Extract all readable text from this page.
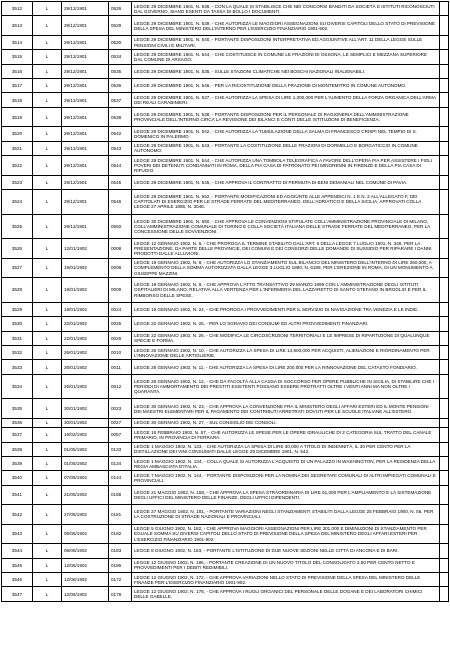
3512	L	29/12/1901	0526	LEGGE 29 DICEMBRE 1901, N. 536, - CON LA QUALE SI STABILISCE CHE NEI CONCORSI BANDITI DA SOCIETÀ E ISTITUTI RICONOSCIUTI DAL GOVERNO, SIANO ESENTI DA TASSA DI BOLLO I DOCUMENTI.	
3513	L	29/12/1901	0529	LEGGE 29 DICEMBRE 1901, N. 539, - CHE AUTORIZZA LE MAGGIORI ASSEGNAZIONI SU DIVERSI CAPITOLI DELLO STATO DI PREVISIONE DELLA SPESA DEL MINISTERO DELL'INTERNO PER L'ESERCIZIO FINANZIARIO 1901-902.	
3514	L	29/12/1901	0530	LEGGE 29 DICEMBRE 1901, N. 540, - PORTANTE DISPOSIZIONI INTERPRETATIVA ED AGGIUNTIVE ALL'ART. 11 DELLA LEGGE SULLE PENSIONI CIVILI E MILITARI.	
3515	L	29/12/1901	0534	LEGGE 29 DICEMBRE 1901, N. 544, - CHE COSTITUISCE IN COMUNE LE FRAZIONI DI OSSONA, LE SEMPLICI E MEZZANA SUPERIORE DAL COMUNE DI ARSAGO.	
3516	L	29/12/1901	0535	LEGGE 29 DICEMBRE 1901, N. 535, - SULLE STAZIONI CLIMATICHE NEI BOSCHI NAZIONALI INALIENABILI.	
3517	L	29/12/1901	0536	LEGGE 29 DICEMBRE 1901, N. 546, - PER LA RICOSTITUZIONE DELLA FRAZIONE DI MONTEMITRO IN COMUNE AUTONOMO.	
3518	L	29/12/1901	0537	LEGGE 29 DICEMBRE 1901, N. 537, - CHE AUTORIZZA LA SPESA DI LIRE 1,300,000 PER L'AUMENTO DELLA FORZA ORGANICA DELL'ARMA DEI REALI CARABINIERI.	
3519	L	29/12/1901	0538	LEGGE 29 DICEMBRE 1901, N. 538, - PORTANTE DISPOSIZIONI PER IL PERSONALE DI RAGIONERIA DELL'AMMINISTRAZIONE PROVINCIALE DELL'INTERNO CIRCA LA REVISIONE DEI BILANCI E CONTI DELLE ISTITUZIONI DI BENEFICENZA.	
3520	L	29/12/1901	0542	LEGGE 29 DICEMBRE 1901, N. 542, - CHE AUTORIZZA LA TUMULAZIONE DELLA SALMA DI FRANCESCO CRISPI NEL TEMPIO DI S. DOMENICO IN PALERMO.	
3521	L	29/12/1901	0543	LEGGE 29 DICEMBRE 1901, N. 543, - PORTANTE LA COSTITUZIONE DELLE FRAZIONI DI DORMELLO E BORGATICCIO IN COMUNE AUTONOMO.	
3522	L	29/12/1901	0544	LEGGE 29 DICEMBRE 1901, N. 544, - CHE AUTORIZZA UNA TOMBOLA TELEGRAFICA A FAVORE DELL'OPERA PIA PER ASSISTERE I FIGLI POVERI DEI DETENUTI CONDANNATI IN ROMA, DELLA PIA CASA DI PATRONATO PEI MINORENNI IN FIRENZE E DELLA PIA CASA DI RIFUGIO.	
3523	L	29/12/1901	0545	LEGGE 29 DICEMBRE 1901, N. 545, - CHE APPROVA IL CONTRATTO DI PERMUTA DI BENI DEMANIALI NEL COMUNE DI PAVIA.	
3524	L	29/12/1901	0546	LEGGE 29 DICEMBRE 1901, N. 552, - PORTANTE MODIFICAZIONI ED AGGIUNTE ALLE APPENDICI N. 1 E N. 2 ALL'ALLEGATO F, DEI CAPITOLATI DI ESERCIZIO PER LE STRADE FERRATE DEL MEDITERRANEO, DELL'ADRIATICO E DELLA SICILIA, APPROVATI COLLA LEGGE 27 APRILE 1885, N. 3048.	
3525	L	29/12/1901	0550	LEGGE 30 DICEMBRE 1901, N. 550, - CHE APPROVA LE CONVENZIONI STIPULATE COLL'AMMINISTRAZIONE PROVINCIALE DI MILANO, COLL'AMMINISTRAZIONE COMUNALE DI TORINO E COLLA SOCIETÀ ITALIANA DELLE STRADE FERRATE DEL MEDITERRANEO, PER LA CONCESSIONE DELLE SOVVENZIONI.	
3526	L	12/01/1902	0008	LEGGE 12 GENNAIO 1902, N. 8, - CHE PROROGA IL TERMINE STABILITO DALL'ART. 6 DELLA LEGGE 7 LUGLIO 1901, N. 348, PER LA PRESENTAZIONE, DA PARTE DELLE PROVINCIE, DEI COMUNI E DEI CONSORZI DELLE DOMANDE DI SUSSIDIO PER RIPARARE I DANNI PRODOTTI DALLE ALLUVIONI.	
3527	L	19/01/1902	0008	LEGGE 19 GENNAIO 1902, N. 8, - CHE AUTORIZZA LO STANZIAMENTO SUL BILANCIO DEL MINISTERO DELL'INTERNO DI LIRE 250,000, A COMPLEMENTO DELLA SOMMA AUTORIZZATA DALLA LEGGE 3 LUGLIO 1890, N. 6189, PER L'EREZIONE IN ROMA, DI UN MONUMENTO A GIUSEPPE MAZZINI.	
3528	L	19/01/1902	0009	LEGGE 19 GENNAIO 1902, N. 9, - CHE APPROVA L'ATTO TRANSATTIVO 29 MARZO 1899 CON L'AMMINISTRAZIONE DEGLI ISTITUTI OSPITALIERI DI MILANO, RELATIVA ALLA VERTENZA PER L'INFERMERIA DEL LAZZARETTO DI SANTO STEFANO IN BROGLIO E PER IL RIMBORSO DELLE SPESE.	
3529	L	19/01/1902	0024	LEGGE 19 GENNAIO 1902, N. 24, - CHE PROROGA I PROVVEDIMENTI PER IL SERVIZIO DI NAVIGAZIONE TRA VENEZIA E LE INDIE.	
3530	L	22/01/1902	0025	LEGGE 22 GENNAIO 1902, N. 25, - PER LO SGRAVIO DEI CONSUMI ED ALTRI PROVVEDIMENTI FINANZIARI.	
3531	L	22/01/1902	0026	LEGGE 22 GENNAIO 1902, N. 26, - CHE MODIFICA LE CIRCOSCRIZIONI TERRITORIALI E LE IMPRESE DI RIPARTIZIONE DI QUALUNQUE SPECIE E FORMA.	
3532	L	26/01/1902	0010	LEGGE 26 GENNAIO 1902, N. 10, - CHE AUTORIZZA LA SPESA DI LIRE 14,800,000 PER ACQUISTI, ALIENAZIONI E RIORDINAMENTO PER L'INNOVAZIONE DELLE ARTIGLIERIE.	
3533	L	26/01/1902	0011	LEGGE 26 GENNAIO 1902, N. 11, - CHE AUTORIZZA LA SPESA DI LIRE 200,000 PER LA RINNOVAZIONE DEL CATASTO FONDIARIO.	
3534	L	26/01/1902	0012	LEGGE 26 GENNAIO 1902, N. 12, - CHE DA FACOLTÀ ALLA CASSA DI SOCCORSO PER OPERE PUBBLICHE IN SICILIA, DI STABILIRE CHE I PERIODI DI AMMORTAMENTO DEI PRESTITI ESISTENTI POSSANO ESSERE PROTRATTI OLTRE I VENTI ANNI MA NON OLTRE I QUARANTA.	
3535	L	30/01/1902	0023	LEGGE 30 GENNAIO 1902, N. 23, - CHE APPROVA LA CONVENZIONE FRA IL MINISTERO DEGLI AFFARI ESTERI ED IL MONTE PENSIONI DEI MAESTRI ELEMENTARI PER IL PAGAMENTO DEI CONTRIBUTI ARRETRATI DOVUTI PER LE SCUOLE ITALIANE ALL'ESTERO.	
3536	L	30/01/1902	0027	LEGGE 30 GENNAIO 1902, N. 27, - SUL CONSIGLIO DEI CONSOLI.	
3537	L	16/02/1902	0057	LEGGE 16 FEBBRAIO 1902, N. 57, - CHE AUTORIZZA LE SPESE PER LE OPERE IDRAULICHE DI 2 CATEGORIA SUL TRATTO DEL CANALE PRIMARIO, IN PROVINCIA DI FERRARA.	
3538	L	01/05/1902	0133	LEGGE 1 MAGGIO 1902, N. 133, - CHE AUTORIZZA LA SPESA DI LIRE 30,000 A TITOLO DI INDENNITÀ, IL 30 PER CENTO PER LA DISTILLAZIONE DEI VINI CONSUMATI DALLE LEGGE 29 DICEMBRE 1901, N. 542.	
3539	L	01/05/1902	0134	LEGGE 1 MAGGIO 1902, N. 134, - COLLA QUALE SI AUTORIZZA L'ACQUISTO DI UN PALAZZO IN WASHINGTON, PER LA RESIDENZA DELLA REGIA AMBASCIATA D'ITALIA.	
3540	L	07/05/1902	0144	LEGGE 7 MAGGIO 1902, N. 144, - PORTANTE DISPOSIZIONI PER LA NOMINA DEI SEGRETARI COMUNALI DI ALTRI IMPIEGATI COMUNALI E PROVINCIALI.	
3541	L	21/05/1902	0158	LEGGE 21 MAGGIO 1902, N. 158, - CHE APPROVA LA SPESA STRAORDINARIA DI LIRE 61,000 PER L'AMPLIAMENTO E LA SISTEMAZIONE DEGLI UFFICI DEL MINISTERO DELLE FINANZE, DEGLI UFFICI DIPENDENTI.	
3542	L	27/05/1902	0181	LEGGE 27 MAGGIO 1902, N. 181, - PORTANTE VARIAZIONI NEGLI STANZIAMENTI STABILITI DALLA LEGGE 25 FEBBRAIO 1900, N. 56, PER LA COSTRUZIONE DI STRADE NAZIONALI E PROVINCIALI.	
3543	L	05/06/1902	0182	LEGGE 5 GIUGNO 1902, N. 182, - CHE APPROVA MAGGIORI ASSEGNAZIONI PER LIRE 301,000 E DIMINUZIONI DI STANZIAMENTO PER EGUALE SOMMA SU DIVERSI CAPITOLI DELLO STATO DI PREVISIONE DELLA SPESA DEL MINISTERO DEGLI AFFARI ESTERI PER L'ESERCIZIO FINANZIARIO 1901-902.	
3544	L	08/06/1902	0183	LEGGE 8 GIUGNO 1902, N. 183, - PORTANTE L'ISTITUZIONE DI DUE NUOVE SEZIONI NELLE CITTÀ DI ANCONA E DI BARI.	
3545	L	12/06/1902	0186	LEGGE 12 GIUGNO 1902, N. 186, - PORTANTE CREAZIONE DI UN NUOVO TITOLO DEL CONSOLIDATO 3.50 PER CENTO NETTO E PROVVEDIMENTI PER I DEBITI REDIMIBILI.	
3546	L	12/06/1902	0172	LEGGE 12 GIUGNO 1902, N. 172, - CHE APPROVA VARIAZIONI NELLO STATO DI PREVISIONE DELLA SPESA DEL MINISTERO DELLE FINANZE PER L'ESERCIZIO FINANZIARIO 1901-902.	
3547	L	12/06/1902	0178	LEGGE 12 GIUGNO 1902, N. 178, - CHE APPROVA I RUOLI ORGANICI DEL PERSONALE DELLE DOGANE E DEI LABORATORI CHIMICI DELLE GABELLE.	
